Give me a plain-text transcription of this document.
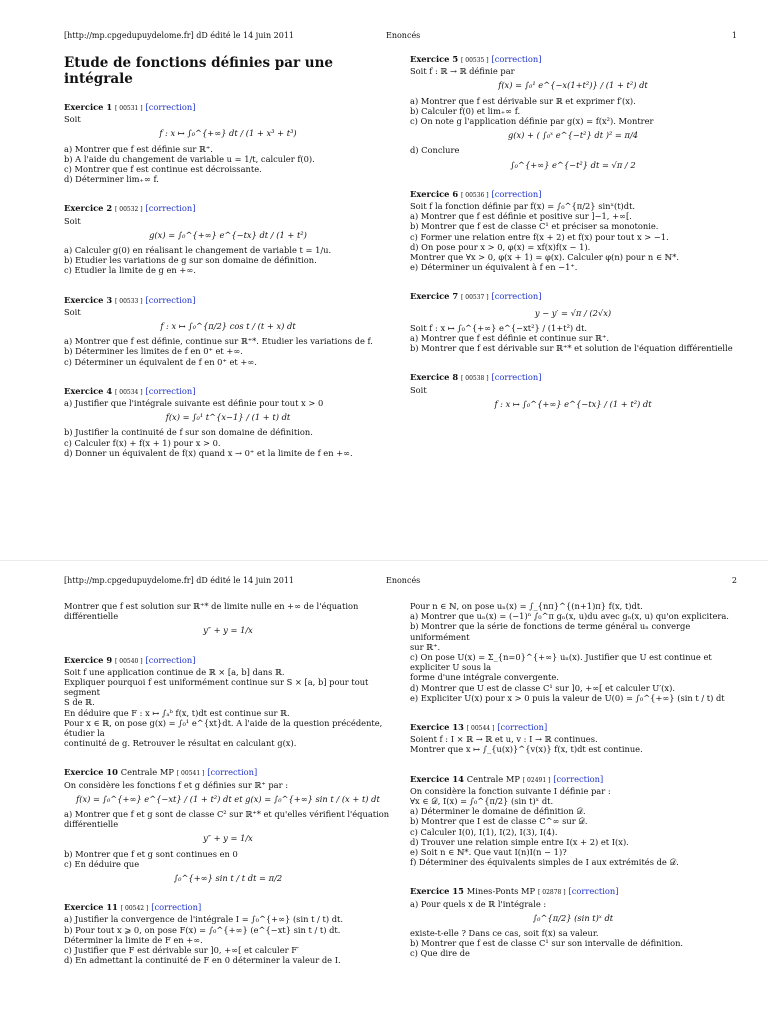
[http://mp.cpgedupuydelome.fr] dD édité le 14 juin 2011	Enoncés	1
Etude de fonctions définies par une intégrale
Exercice 1 [ 00531 ] [correction]

Soit

f : x ↦ ∫₀^{+∞} dt / (1 + x³ + t³)

a) Montrer que f est définie sur ℝ⁺.

b) A l'aide du changement de variable u = 1/t, calculer f(0).

c) Montrer que f est continue est décroissante.

d) Déterminer lim₊∞ f.

Exercice 2 [ 00532 ] [correction]

Soit

g(x) = ∫₀^{+∞} e^{−tx} dt / (1 + t²)

a) Calculer g(0) en réalisant le changement de variable t = 1/u.

b) Etudier les variations de g sur son domaine de définition.

c) Etudier la limite de g en +∞.

Exercice 3 [ 00533 ] [correction]

Soit

f : x ↦ ∫₀^{π/2} cos t / (t + x) dt

a) Montrer que f est définie, continue sur ℝ⁺*. Etudier les variations de f.

b) Déterminer les limites de f en 0⁺ et +∞.

c) Déterminer un équivalent de f en 0⁺ et +∞.

Exercice 4 [ 00534 ] [correction]

a) Justifier que l'intégrale suivante est définie pour tout x > 0

f(x) = ∫₀¹ t^{x−1} / (1 + t) dt

b) Justifier la continuité de f sur son domaine de définition.

c) Calculer f(x) + f(x + 1) pour x > 0.

d) Donner un équivalent de f(x) quand x → 0⁺ et la limite de f en +∞.

Exercice 5 [ 00535 ] [correction]

Soit f : ℝ → ℝ définie par

f(x) = ∫₀¹ e^{−x(1+t²)} / (1 + t²) dt

a) Montrer que f est dérivable sur ℝ et exprimer f′(x).

b) Calculer f(0) et lim₊∞ f.

c) On note g l'application définie par g(x) = f(x²). Montrer

g(x) + ( ∫₀ˣ e^{−t²} dt )² = π/4

d) Conclure

∫₀^{+∞} e^{−t²} dt = √π / 2
Exercice 6 [ 00536 ] [correction]

Soit f la fonction définie par f(x) = ∫₀^{π/2} sinˣ(t)dt.

a) Montrer que f est définie et positive sur ]−1, +∞[.

b) Montrer que f est de classe C¹ et préciser sa monotonie.

c) Former une relation entre f(x + 2) et f(x) pour tout x > −1.

d) On pose pour x > 0, φ(x) = xf(x)f(x − 1).

Montrer que ∀x > 0, φ(x + 1) = φ(x). Calculer φ(n) pour n ∈ ℕ*.

e) Déterminer un équivalent à f en −1⁺.

Exercice 7 [ 00537 ] [correction]
y − y′ = √π / (2√x)

Soit f : x ↦ ∫₀^{+∞} e^{−xt²} / (1+t²) dt.

a) Montrer que f est définie et continue sur ℝ⁺.

b) Montrer que f est dérivable sur ℝ⁺* et solution de l'équation différentielle

Exercice 8 [ 00538 ] [correction]

Soit

f : x ↦ ∫₀^{+∞} e^{−tx} / (1 + t²) dt
[http://mp.cpgedupuydelome.fr] dD édité le 14 juin 2011	Enoncés	2

Montrer que f est solution sur ℝ⁺* de limite nulle en +∞ de l'équation

différentielle

y″ + y = 1/x
Exercice 9 [ 00540 ] [correction]

Soit f une application continue de ℝ × [a, b] dans ℝ.

Expliquer pourquoi f est uniformément continue sur S × [a, b] pour tout segment

S de ℝ.

En déduire que F : x ↦ ∫ₐᵇ f(x, t)dt est continue sur ℝ.

Pour x ∈ ℝ, on pose g(x) = ∫₀¹ e^{xt}dt. A l'aide de la question précédente, étudier la

continuité de g. Retrouver le résultat en calculant g(x).

Exercice 10 Centrale MP [ 00541 ] [correction]

On considère les fonctions f et g définies sur ℝ⁺ par :

f(x) = ∫₀^{+∞} e^{−xt} / (1 + t²) dt et g(x) = ∫₀^{+∞} sin t / (x + t) dt

a) Montrer que f et g sont de classe C² sur ℝ⁺* et qu'elles vérifient l'équation

différentielle

y″ + y = 1/x

b) Montrer que f et g sont continues en 0

c) En déduire que

∫₀^{+∞} sin t / t dt = π/2
Exercice 11 [ 00542 ] [correction]

a) Justifier la convergence de l'intégrale I = ∫₀^{+∞} (sin t / t) dt.

b) Pour tout x ⩾ 0, on pose F(x) = ∫₀^{+∞} (e^{−xt} sin t / t) dt.

Déterminer la limite de F en +∞.

c) Justifier que F est dérivable sur ]0, +∞[ et calculer F′

d) En admettant la continuité de F en 0 déterminer la valeur de I.

Pour n ∈ ℕ, on pose uₙ(x) = ∫_{nπ}^{(n+1)π} f(x, t)dt.

a) Montrer que uₙ(x) = (−1)ⁿ ∫₀^π gₙ(x, u)du avec gₙ(x, u) qu'on explicitera.

b) Montrer que la série de fonctions de terme général uₙ converge uniformément

sur ℝ⁺.

c) On pose U(x) = Σ_{n=0}^{+∞} uₙ(x). Justifier que U est continue et expliciter U sous la

forme d'une intégrale convergente.

d) Montrer que U est de classe C¹ sur ]0, +∞[ et calculer U′(x).

e) Expliciter U(x) pour x > 0 puis la valeur de U(0) = ∫₀^{+∞} (sin t / t) dt

Exercice 13 [ 00544 ] [correction]

Soient f : I × ℝ → ℝ et u, v : I → ℝ continues.

Montrer que x ↦ ∫_{u(x)}^{v(x)} f(x, t)dt est continue.

Exercice 14 Centrale MP [ 02491 ] [correction]

On considère la fonction suivante I définie par :

∀x ∈ 𝒟, I(x) = ∫₀^{π/2} (sin t)ˣ dt.

a) Déterminer le domaine de définition 𝒟.

b) Montrer que I est de classe C^∞ sur 𝒟.

c) Calculer I(0), I(1), I(2), I(3), I(4).

d) Trouver une relation simple entre I(x + 2) et I(x).

e) Soit n ∈ ℕ*. Que vaut I(n)I(n − 1)?

f) Déterminer des équivalents simples de I aux extrémités de 𝒟.

Exercice 15 Mines-Ponts MP [ 02878 ] [correction]

a) Pour quels x de ℝ l'intégrale :

∫₀^{π/2} (sin t)ˣ dt

existe-t-elle ? Dans ce cas, soit f(x) sa valeur.

b) Montrer que f est de classe C¹ sur son intervalle de définition.

c) Que dire de
